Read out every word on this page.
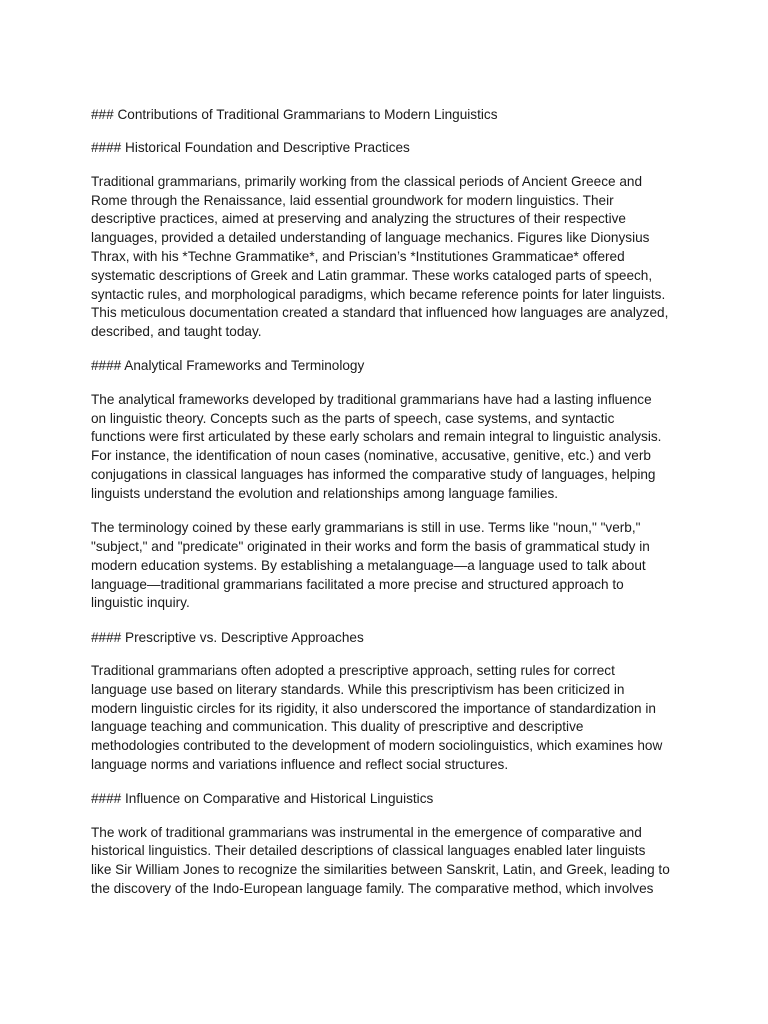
### Contributions of Traditional Grammarians to Modern Linguistics

#### Historical Foundation and Descriptive Practices

Traditional grammarians, primarily working from the classical periods of Ancient Greece and
Rome through the Renaissance, laid essential groundwork for modern linguistics. Their
descriptive practices, aimed at preserving and analyzing the structures of their respective
languages, provided a detailed understanding of language mechanics. Figures like Dionysius
Thrax, with his *Techne Grammatike*, and Priscian’s *Institutiones Grammaticae* offered
systematic descriptions of Greek and Latin grammar. These works cataloged parts of speech,
syntactic rules, and morphological paradigms, which became reference points for later linguists.
This meticulous documentation created a standard that influenced how languages are analyzed,
described, and taught today.

#### Analytical Frameworks and Terminology

The analytical frameworks developed by traditional grammarians have had a lasting influence
on linguistic theory. Concepts such as the parts of speech, case systems, and syntactic
functions were first articulated by these early scholars and remain integral to linguistic analysis.
For instance, the identification of noun cases (nominative, accusative, genitive, etc.) and verb
conjugations in classical languages has informed the comparative study of languages, helping
linguists understand the evolution and relationships among language families.

The terminology coined by these early grammarians is still in use. Terms like "noun," "verb,"
"subject," and "predicate" originated in their works and form the basis of grammatical study in
modern education systems. By establishing a metalanguage—a language used to talk about
language—traditional grammarians facilitated a more precise and structured approach to
linguistic inquiry.

#### Prescriptive vs. Descriptive Approaches

Traditional grammarians often adopted a prescriptive approach, setting rules for correct
language use based on literary standards. While this prescriptivism has been criticized in
modern linguistic circles for its rigidity, it also underscored the importance of standardization in
language teaching and communication. This duality of prescriptive and descriptive
methodologies contributed to the development of modern sociolinguistics, which examines how
language norms and variations influence and reflect social structures.

#### Influence on Comparative and Historical Linguistics

The work of traditional grammarians was instrumental in the emergence of comparative and
historical linguistics. Their detailed descriptions of classical languages enabled later linguists
like Sir William Jones to recognize the similarities between Sanskrit, Latin, and Greek, leading to
the discovery of the Indo-European language family. The comparative method, which involves
